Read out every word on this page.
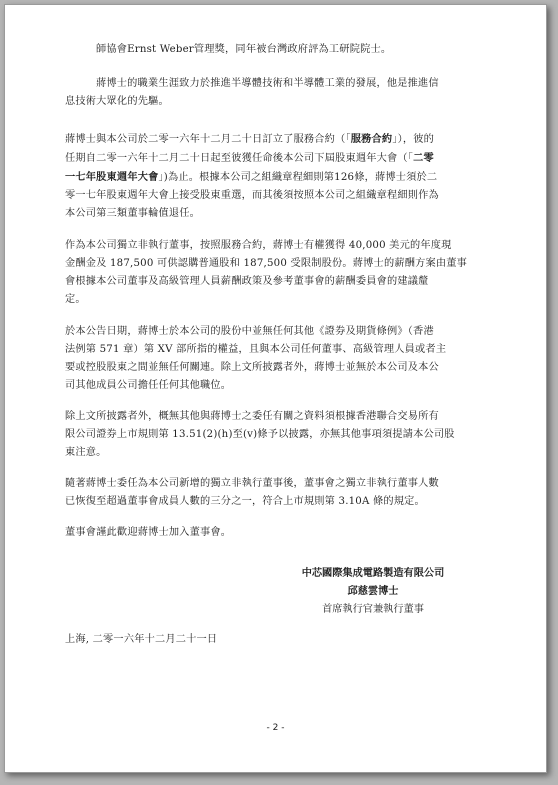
師協會Ernst Weber管理獎，同年被台灣政府評為工研院院士。
蔣博士的職業生涯致力於推進半導體技術和半導體工業的發展，他是推進信
息技術大眾化的先驅。
蔣博士與本公司於二零一六年十二月二十日訂立了服務合約（「服務合約」），彼的
任期自二零一六年十二月二十日起至彼獲任命後本公司下屆股東週年大會（「二零
一七年股東週年大會」)為止。根據本公司之組織章程細則第126條，蔣博士須於二
零一七年股東週年大會上接受股東重選，而其後須按照本公司之組織章程細則作為
本公司第三類董事輪值退任。
作為本公司獨立非執行董事，按照服務合約，蔣博士有權獲得 40,000 美元的年度現
金酬金及 187,500 可供認購普通股和 187,500 受限制股份。蔣博士的薪酬方案由董事
會根據本公司董事及高級管理人員薪酬政策及參考董事會的薪酬委員會的建議釐
定。
於本公告日期，蔣博士於本公司的股份中並無任何其他《證券及期貨條例》（香港
法例第 571 章）第 XV 部所指的權益，且與本公司任何董事、高級管理人員或者主
要或控股股東之間並無任何關連。除上文所披露者外，蔣博士並無於本公司及本公
司其他成員公司擔任任何其他職位。
除上文所披露者外，概無其他與蔣博士之委任有關之資料須根據香港聯合交易所有
限公司證券上市規則第 13.51(2)(h)至(v)條予以披露，亦無其他事項須提請本公司股
東注意。
隨著蔣博士委任為本公司新增的獨立非執行董事後，董事會之獨立非執行董事人數
已恢復至超過董事會成員人數的三分之一，符合上市規則第 3.10A 條的規定。
董事會謹此歡迎蔣博士加入董事會。
中芯國際集成電路製造有限公司
邱慈雲博士
首席執行官兼執行董事
上海, 二零一六年十二月二十一日
- 2 -
